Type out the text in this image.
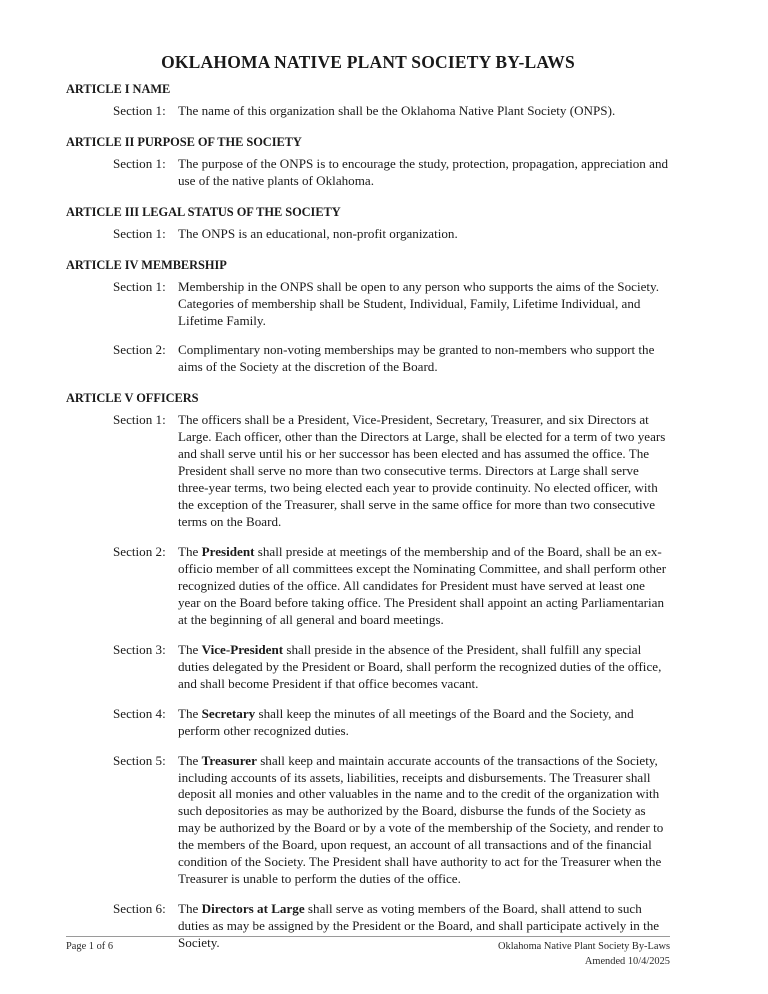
OKLAHOMA NATIVE PLANT SOCIETY BY-LAWS
ARTICLE I NAME
Section 1: The name of this organization shall be the Oklahoma Native Plant Society (ONPS).
ARTICLE II PURPOSE OF THE SOCIETY
Section 1: The purpose of the ONPS is to encourage the study, protection, propagation, appreciation and use of the native plants of Oklahoma.
ARTICLE III LEGAL STATUS OF THE SOCIETY
Section 1: The ONPS is an educational, non-profit organization.
ARTICLE IV MEMBERSHIP
Section 1: Membership in the ONPS shall be open to any person who supports the aims of the Society. Categories of membership shall be Student, Individual, Family, Lifetime Individual, and Lifetime Family.
Section 2: Complimentary non-voting memberships may be granted to non-members who support the aims of the Society at the discretion of the Board.
ARTICLE V OFFICERS
Section 1: The officers shall be a President, Vice-President, Secretary, Treasurer, and six Directors at Large. Each officer, other than the Directors at Large, shall be elected for a term of two years and shall serve until his or her successor has been elected and has assumed the office. The President shall serve no more than two consecutive terms. Directors at Large shall serve three-year terms, two being elected each year to provide continuity. No elected officer, with the exception of the Treasurer, shall serve in the same office for more than two consecutive terms on the Board.
Section 2: The President shall preside at meetings of the membership and of the Board, shall be an ex-officio member of all committees except the Nominating Committee, and shall perform other recognized duties of the office. All candidates for President must have served at least one year on the Board before taking office. The President shall appoint an acting Parliamentarian at the beginning of all general and board meetings.
Section 3: The Vice-President shall preside in the absence of the President, shall fulfill any special duties delegated by the President or Board, shall perform the recognized duties of the office, and shall become President if that office becomes vacant.
Section 4: The Secretary shall keep the minutes of all meetings of the Board and the Society, and perform other recognized duties.
Section 5: The Treasurer shall keep and maintain accurate accounts of the transactions of the Society, including accounts of its assets, liabilities, receipts and disbursements. The Treasurer shall deposit all monies and other valuables in the name and to the credit of the organization with such depositories as may be authorized by the Board, disburse the funds of the Society as may be authorized by the Board or by a vote of the membership of the Society, and render to the members of the Board, upon request, an account of all transactions and of the financial condition of the Society. The President shall have authority to act for the Treasurer when the Treasurer is unable to perform the duties of the office.
Section 6: The Directors at Large shall serve as voting members of the Board, shall attend to such duties as may be assigned by the President or the Board, and shall participate actively in the Society.
Page 1 of 6	Oklahoma Native Plant Society By-Laws
Amended 10/4/2025
